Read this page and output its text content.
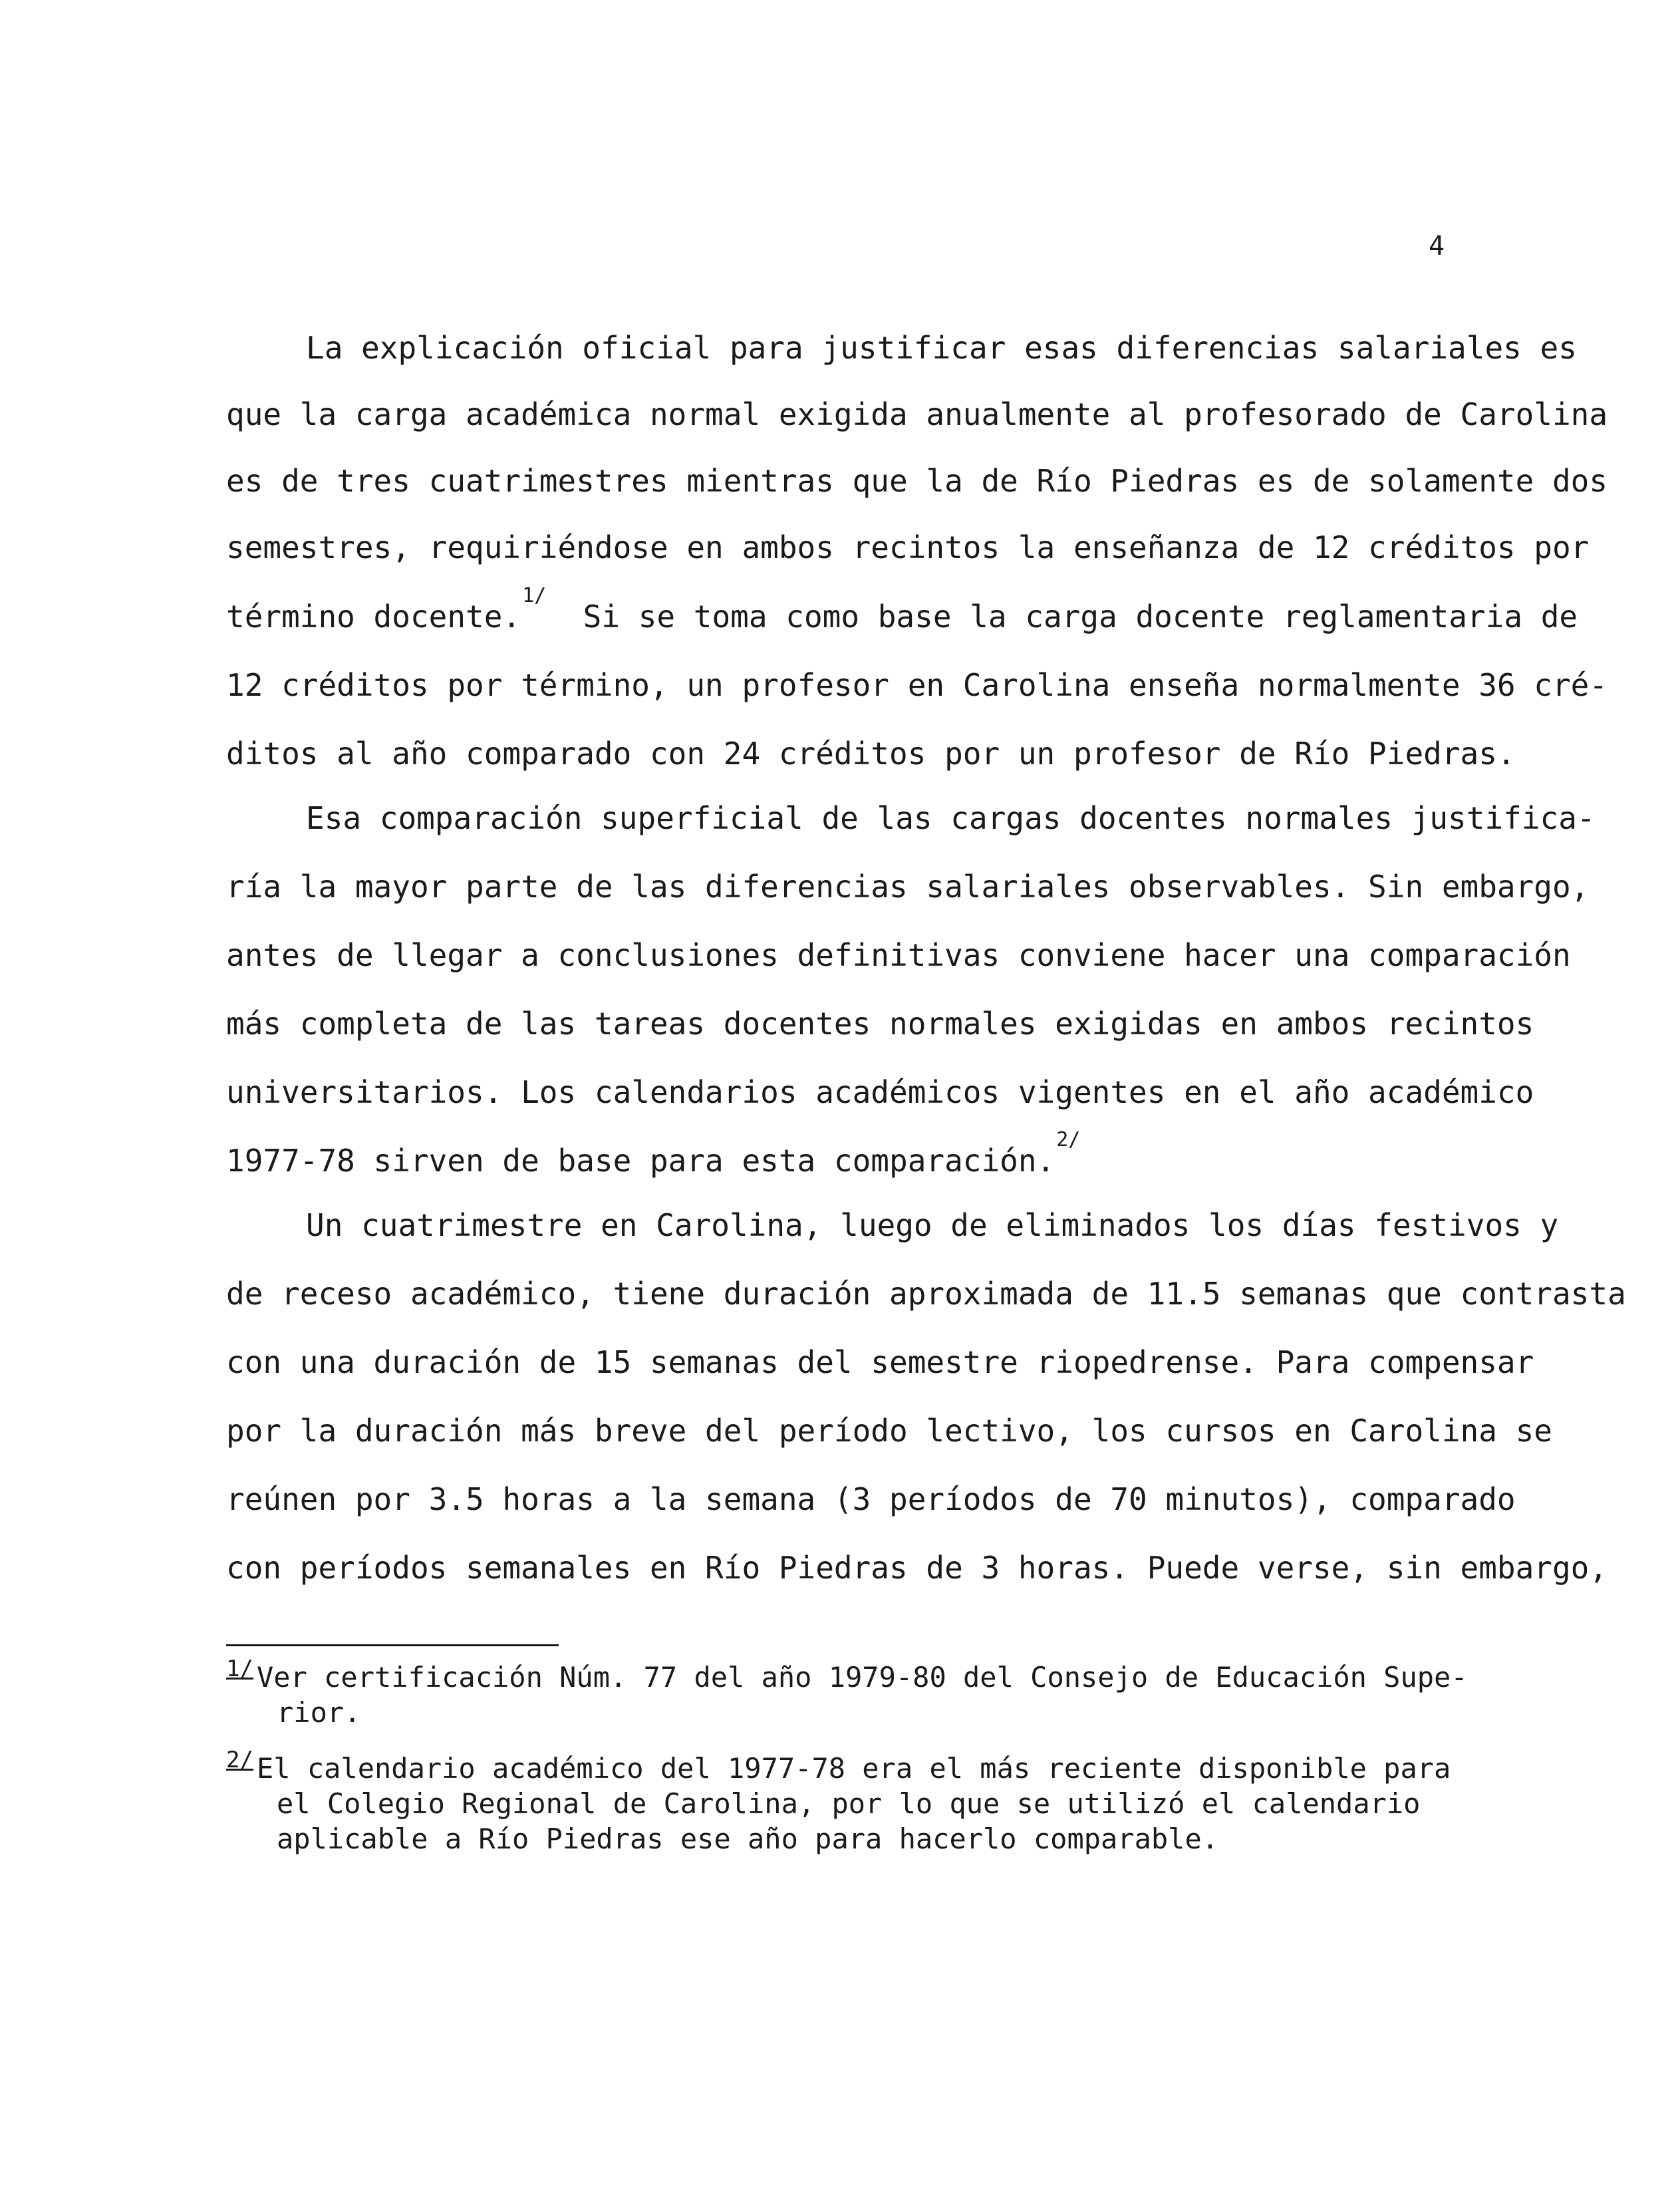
4
La explicación oficial para justificar esas diferencias salariales es
que la carga académica normal exigida anualmente al profesorado de Carolina
es de tres cuatrimestres mientras que la de Río Piedras es de solamente dos
semestres, requiriéndose en ambos recintos la enseñanza de 12 créditos por
término docente.$^{1/}$  Si se toma como base la carga docente reglamentaria de
12 créditos por término, un profesor en Carolina enseña normalmente 36 cré-
ditos al año comparado con 24 créditos por un profesor de Río Piedras.
Esa comparación superficial de las cargas docentes normales justifica-
ría la mayor parte de las diferencias salariales observables. Sin embargo,
antes de llegar a conclusiones definitivas conviene hacer una comparación
más completa de las tareas docentes normales exigidas en ambos recintos
universitarios. Los calendarios académicos vigentes en el año académico
1977-78 sirven de base para esta comparación.$^{2/}$
Un cuatrimestre en Carolina, luego de eliminados los días festivos y
de receso académico, tiene duración aproximada de 11.5 semanas que contrasta
con una duración de 15 semanas del semestre riopedrense. Para compensar
por la duración más breve del período lectivo, los cursos en Carolina se
reúnen por 3.5 horas a la semana (3 períodos de 70 minutos), comparado
con períodos semanales en Río Piedras de 3 horas. Puede verse, sin embargo,
1/ Ver certificación Núm. 77 del año 1979-80 del Consejo de Educación Supe-
rior.
2/ El calendario académico del 1977-78 era el más reciente disponible para
el Colegio Regional de Carolina, por lo que se utilizó el calendario
aplicable a Río Piedras ese año para hacerlo comparable.
